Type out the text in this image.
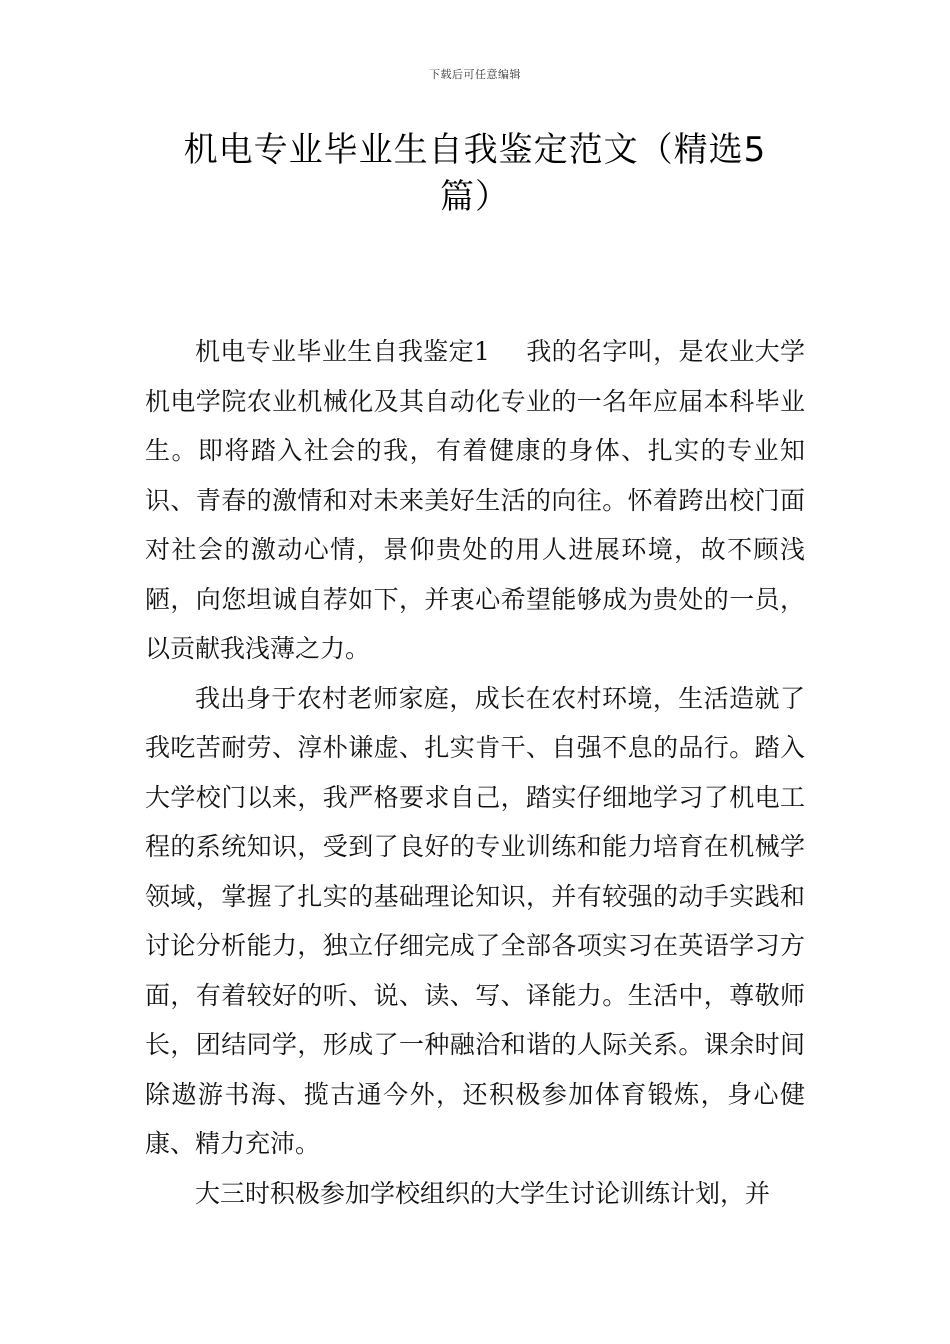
下载后可任意编辑
机电专业毕业生自我鉴定范文（精选5篇）

机电专业毕业生自我鉴定1 我的名字叫，是农业大学机电学院农业机械化及其自动化专业的一名年应届本科毕业生。即将踏入社会的我，有着健康的身体、扎实的专业知识、青春的激情和对未来美好生活的向往。怀着跨出校门面对社会的激动心情，景仰贵处的用人进展环境，故不顾浅陋，向您坦诚自荐如下，并衷心希望能够成为贵处的一员，以贡献我浅薄之力。

我出身于农村老师家庭，成长在农村环境，生活造就了我吃苦耐劳、淳朴谦虚、扎实肯干、自强不息的品行。踏入大学校门以来，我严格要求自己，踏实仔细地学习了机电工程的系统知识，受到了良好的专业训练和能力培育在机械学领域，掌握了扎实的基础理论知识，并有较强的动手实践和讨论分析能力，独立仔细完成了全部各项实习在英语学习方面，有着较好的听、说、读、写、译能力。生活中，尊敬师长，团结同学，形成了一种融洽和谐的人际关系。课余时间除遨游书海、揽古通今外，还积极参加体育锻炼，身心健康、精力充沛。

大三时积极参加学校组织的大学生讨论训练计划，并
